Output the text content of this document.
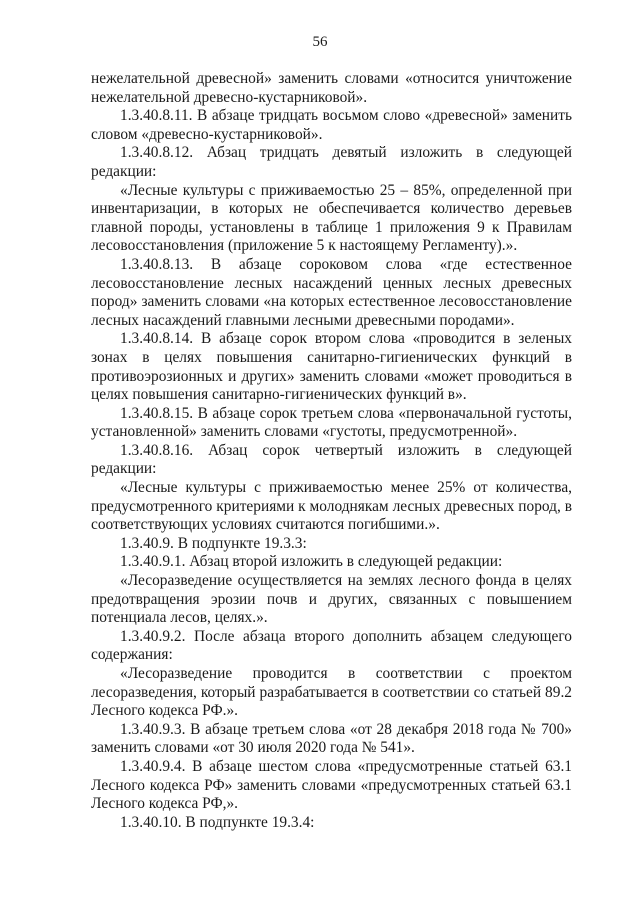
56

нежелательной древесной» заменить словами «относится уничтожение нежелательной древесно-кустарниковой».

1.3.40.8.11. В абзаце тридцать восьмом слово «древесной» заменить словом «древесно-кустарниковой».

1.3.40.8.12. Абзац тридцать девятый изложить в следующей редакции:

«Лесные культуры с приживаемостью 25 – 85%, определенной при инвентаризации, в которых не обеспечивается количество деревьев главной породы, установлены в таблице 1 приложения 9 к Правилам лесовосстановления (приложение 5 к настоящему Регламенту).».

1.3.40.8.13. В абзаце сороковом слова «где естественное лесовосстановление лесных насаждений ценных лесных древесных пород» заменить словами «на которых естественное лесовосстановление лесных насаждений главными лесными древесными породами».

1.3.40.8.14. В абзаце сорок втором слова «проводится в зеленых зонах в целях повышения санитарно-гигиенических функций в противоэрозионных и других» заменить словами «может проводиться в целях повышения санитарно-гигиенических функций в».

1.3.40.8.15. В абзаце сорок третьем слова «первоначальной густоты, установленной» заменить словами «густоты, предусмотренной».

1.3.40.8.16. Абзац сорок четвертый изложить в следующей редакции:

«Лесные культуры с приживаемостью менее 25% от количества, предусмотренного критериями к молоднякам лесных древесных пород, в соответствующих условиях считаются погибшими.».

1.3.40.9. В подпункте 19.3.3:

1.3.40.9.1. Абзац второй изложить в следующей редакции:

«Лесоразведение осуществляется на землях лесного фонда в целях предотвращения эрозии почв и других, связанных с повышением потенциала лесов, целях.».

1.3.40.9.2. После абзаца второго дополнить абзацем следующего содержания:

«Лесоразведение проводится в соответствии с проектом лесоразведения, который разрабатывается в соответствии со статьей 89.2 Лесного кодекса РФ.».

1.3.40.9.3. В абзаце третьем слова «от 28 декабря 2018 года № 700» заменить словами «от 30 июля 2020 года № 541».

1.3.40.9.4. В абзаце шестом слова «предусмотренные статьей 63.1 Лесного кодекса РФ» заменить словами «предусмотренных статьей 63.1 Лесного кодекса РФ,».

1.3.40.10. В подпункте 19.3.4:
